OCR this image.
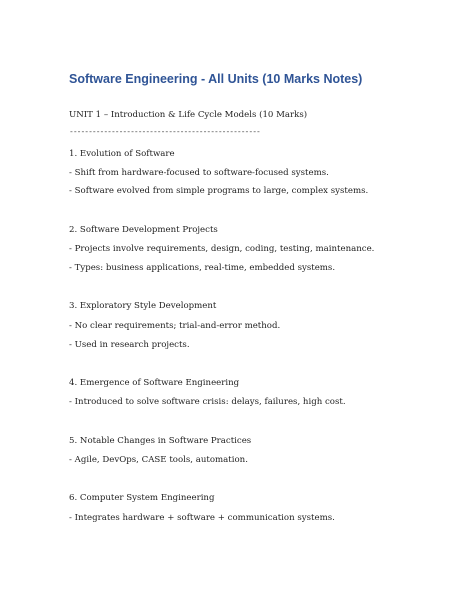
Software Engineering - All Units (10 Marks Notes)

UNIT 1 – Introduction & Life Cycle Models (10 Marks)

--------------------------------------------------

1. Evolution of Software

- Shift from hardware-focused to software-focused systems.

- Software evolved from simple programs to large, complex systems.

2. Software Development Projects

- Projects involve requirements, design, coding, testing, maintenance.

- Types: business applications, real-time, embedded systems.

3. Exploratory Style Development

- No clear requirements; trial-and-error method.

- Used in research projects.

4. Emergence of Software Engineering

- Introduced to solve software crisis: delays, failures, high cost.

5. Notable Changes in Software Practices

- Agile, DevOps, CASE tools, automation.

6. Computer System Engineering

- Integrates hardware + software + communication systems.
